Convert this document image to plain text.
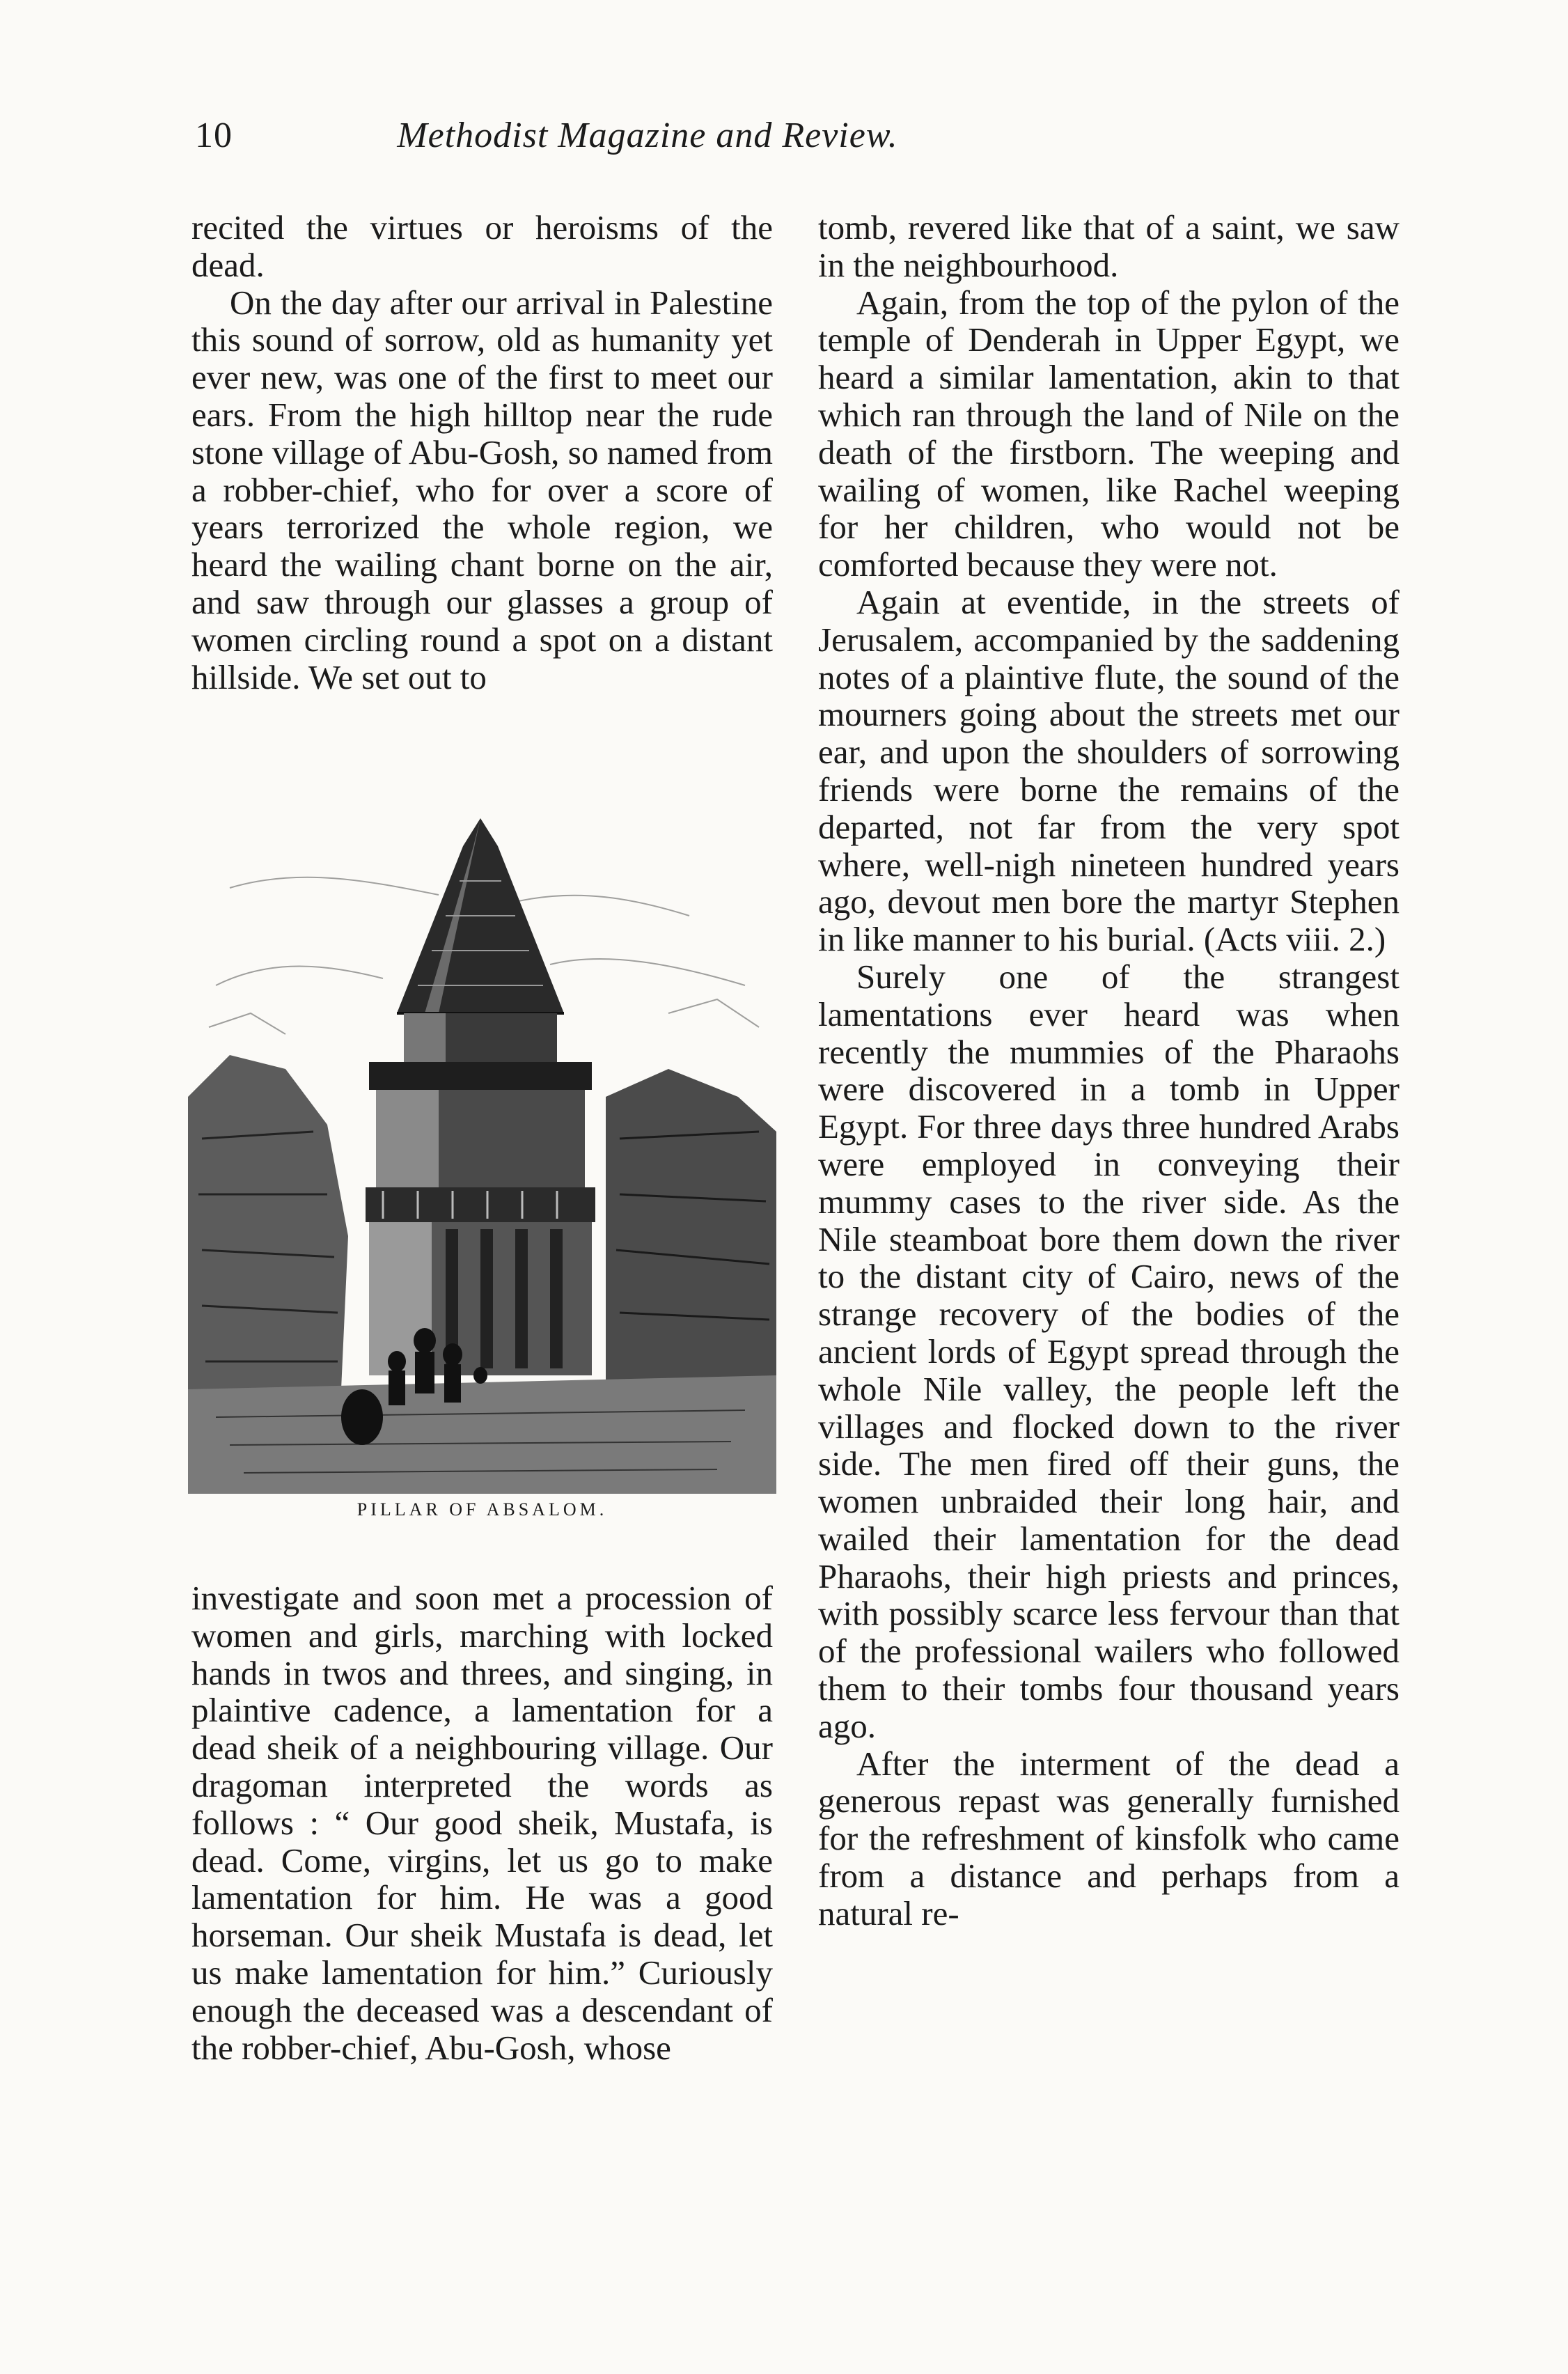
10	Methodist Magazine and Review.

recited the virtues or heroisms of the dead.

On the day after our arrival in Palestine this sound of sorrow, old as humanity yet ever new, was one of the first to meet our ears. From the high hilltop near the rude stone village of Abu-Gosh, so named from a robber-chief, who for over a score of years terrorized the whole region, we heard the wailing chant borne on the air, and saw through our glasses a group of women circling round a spot on a distant hillside. We set out to

PILLAR OF ABSALOM.

investigate and soon met a procession of women and girls, marching with locked hands in twos and threes, and singing, in plaintive cadence, a lamentation for a dead sheik of a neighbouring village. Our dragoman interpreted the words as follows : “ Our good sheik, Mustafa, is dead. Come, virgins, let us go to make lamentation for him. He was a good horseman. Our sheik Mustafa is dead, let us make lamentation for him.” Curiously enough the deceased was a descendant of the robber-chief, Abu-Gosh, whose

tomb, revered like that of a saint, we saw in the neighbourhood.

Again, from the top of the pylon of the temple of Denderah in Upper Egypt, we heard a similar lamentation, akin to that which ran through the land of Nile on the death of the firstborn. The weeping and wailing of women, like Rachel weeping for her children, who would not be comforted because they were not.

Again at eventide, in the streets of Jerusalem, accompanied by the saddening notes of a plaintive flute, the sound of the mourners going about the streets met our ear, and upon the shoulders of sorrowing friends were borne the remains of the departed, not far from the very spot where, well-nigh nineteen hundred years ago, devout men bore the martyr Stephen in like manner to his burial. (Acts viii. 2.)

Surely one of the strangest lamentations ever heard was when recently the mummies of the Pharaohs were discovered in a tomb in Upper Egypt. For three days three hundred Arabs were employed in conveying their mummy cases to the river side. As the Nile steamboat bore them down the river to the distant city of Cairo, news of the strange recovery of the bodies of the ancient lords of Egypt spread through the whole Nile valley, the people left the villages and flocked down to the river side. The men fired off their guns, the women unbraided their long hair, and wailed their lamentation for the dead Pharaohs, their high priests and princes, with possibly scarce less fervour than that of the professional wailers who followed them to their tombs four thousand years ago.

After the interment of the dead a generous repast was generally furnished for the refreshment of kinsfolk who came from a distance and perhaps from a natural re-
